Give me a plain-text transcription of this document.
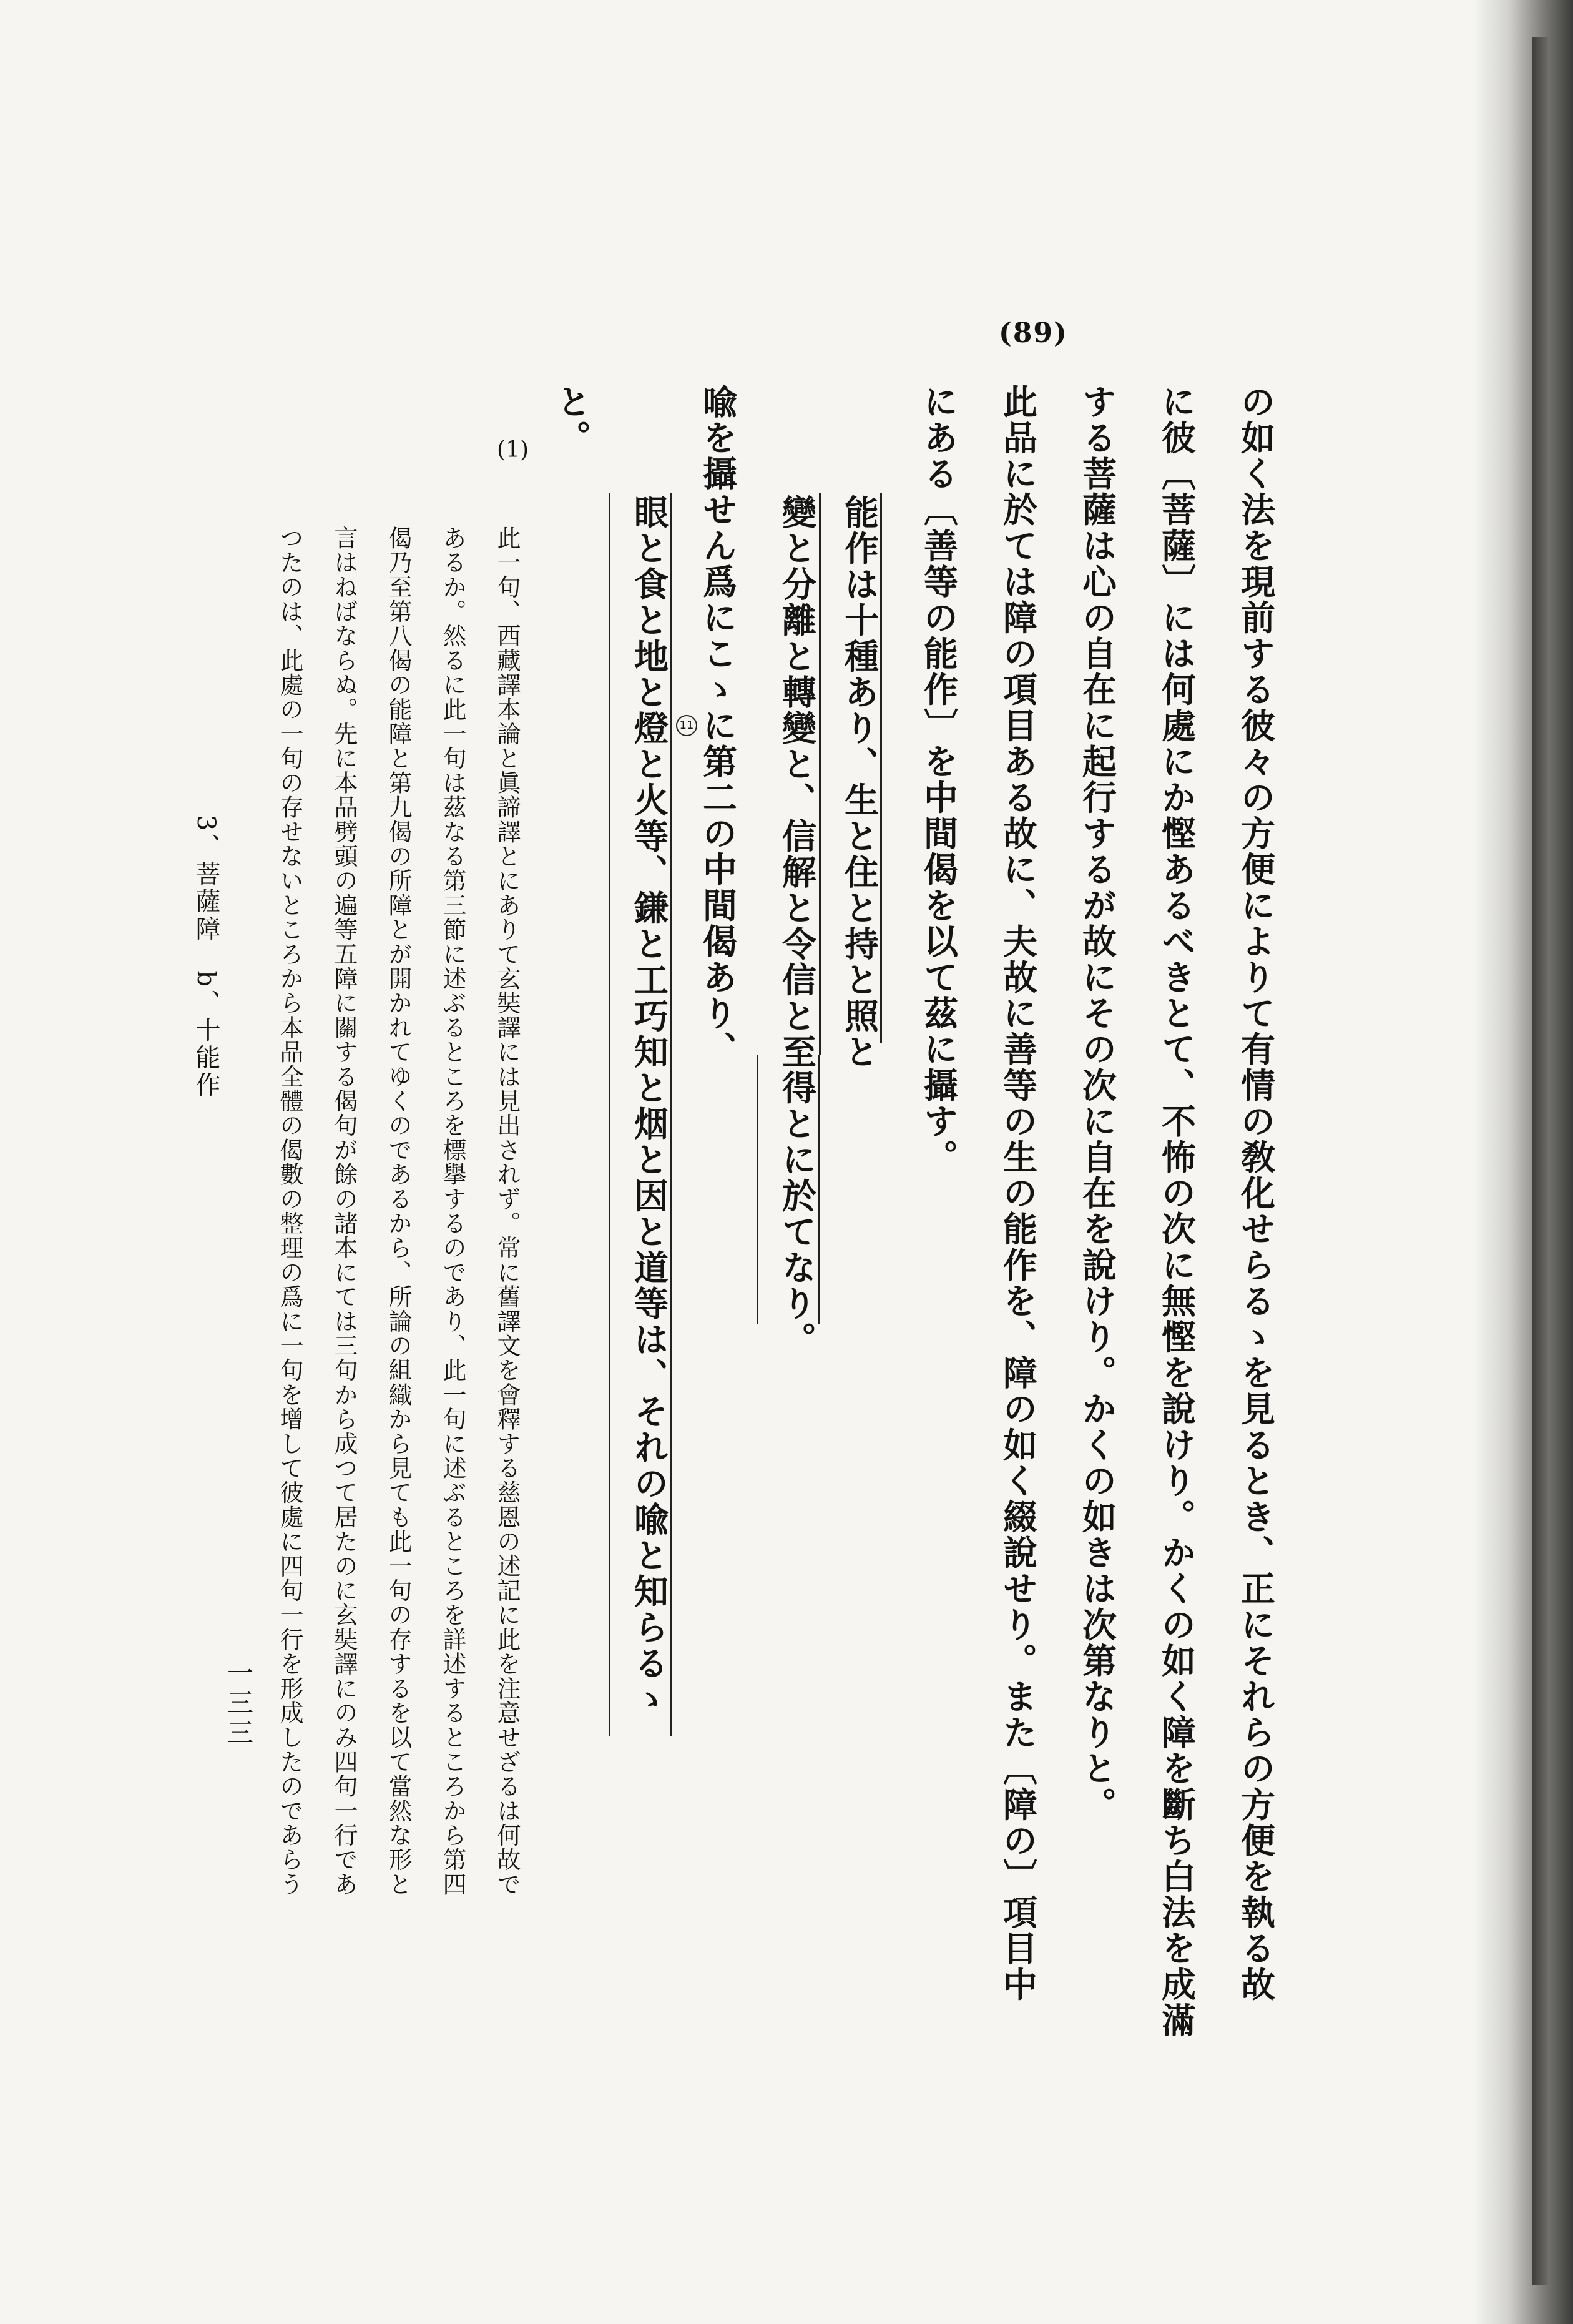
(89)
の如く法を現前する彼々の方便によりて有情の敎化せらるゝを見るとき、正にそれらの方便を執る故
に彼〔菩薩〕には何處にか慳あるべきとて、不怖の次に無慳を說けり。かくの如く障を斷ち白法を成滿
する菩薩は心の自在に起行するが故にその次に自在を說けり。かくの如きは次第なりと。
此品に於ては障の項目ある故に、夫故に善等の生の能作を、障の如く綴說せり。また〔障の〕項目中
にある〔善等の能作〕を中間偈を以て茲に攝す。
能作は十種あり、生と住と持と照と
變と分離と轉變と、信解と令信と至得とに於てなり。
喩を攝せん爲にこゝに第二の中間偈あり、
11
眼と食と地と燈と火等、鎌と工巧知と烟と因と道等は、それの喩と知らるゝ
と。
(1)
此一句、西藏譯本論と眞諦譯とにありて玄奘譯には見出されず。常に舊譯文を會釋する慈恩の述記に此を注意せざるは何故で
あるか。然るに此一句は茲なる第三節に述ぶるところを標擧するのであり、此一句に述ぶるところを詳述するところから第四
偈乃至第八偈の能障と第九偈の所障とが開かれてゆくのであるから、所論の組織から見ても此一句の存するを以て當然な形と
言はねばならぬ。先に本品劈頭の遍等五障に關する偈句が餘の諸本にては三句から成つて居たのに玄奘譯にのみ四句一行であ
つたのは、此處の一句の存せないところから本品全體の偈數の整理の爲に一句を增して彼處に四句一行を形成したのであらう
3、菩薩障　b、十能作
一三三
